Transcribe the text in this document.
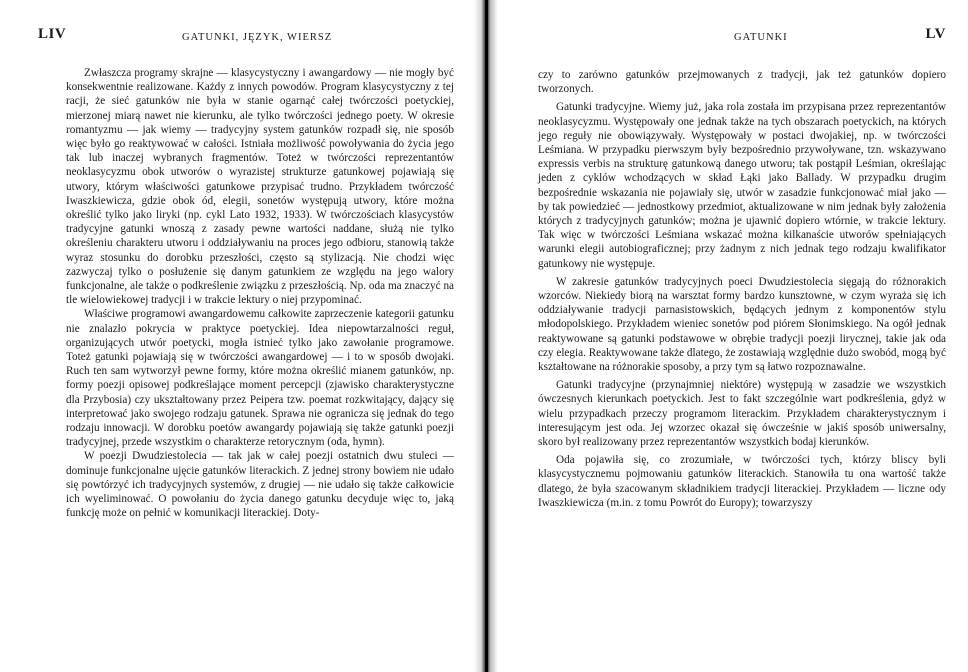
LIV	GATUNKI, JĘZYK, WIERSZ

Zwłaszcza programy skrajne — klasycystyczny i awangardowy — nie mogły być konsekwentnie realizowane. Każdy z innych powodów. Program klasycystyczny z tej racji, że sieć gatunków nie była w stanie ogarnąć całej twórczości poetyckiej, mierzonej miarą nawet nie kierunku, ale tylko twórczości jednego poety. W okresie romantyzmu — jak wiemy — tradycyjny system gatunków rozpadł się, nie sposób więc było go reaktywować w całości. Istniała możliwość powoływania do życia jego tak lub inaczej wybranych fragmentów. Toteż w twórczości reprezentantów neoklasycyzmu obok utworów o wyrazistej strukturze gatunkowej pojawiają się utwory, którym właściwości gatunkowe przypisać trudno. Przykładem twórczość Iwaszkiewicza, gdzie obok ód, elegii, sonetów występują utwory, które można określić tylko jako liryki (np. cykl Lato 1932, 1933). W twórczościach klasycystów tradycyjne gatunki wnoszą z zasady pewne wartości naddane, służą nie tylko określeniu charakteru utworu i oddziaływaniu na proces jego odbioru, stanowią także wyraz stosunku do dorobku przeszłości, często są stylizacją. Nie chodzi więc zazwyczaj tylko o posłużenie się danym gatunkiem ze względu na jego walory funkcjonalne, ale także o podkreślenie związku z przeszłością. Np. oda ma znaczyć na tle wielowiekowej tradycji i w trakcie lektury o niej przypominać.

Właściwe programowi awangardowemu całkowite zaprzeczenie kategorii gatunku nie znalazło pokrycia w praktyce poetyckiej. Idea niepowtarzalności reguł, organizujących utwór poetycki, mogła istnieć tylko jako zawołanie programowe. Toteż gatunki pojawiają się w twórczości awangardowej — i to w sposób dwojaki. Ruch ten sam wytworzył pewne formy, które można określić mianem gatunków, np. formy poezji opisowej podkreślające moment percepcji (zjawisko charakterystyczne dla Przybosia) czy ukształtowany przez Peipera tzw. poemat rozkwitający, dający się interpretować jako swojego rodzaju gatunek. Sprawa nie ogranicza się jednak do tego rodzaju innowacji. W dorobku poetów awangardy pojawiają się także gatunki poezji tradycyjnej, przede wszystkim o charakterze retorycznym (oda, hymn).

W poezji Dwudziestolecia — tak jak w całej poezji ostatnich dwu stuleci — dominuje funkcjonalne ujęcie gatunków literackich. Z jednej strony bowiem nie udało się powtórzyć ich tradycyjnych systemów, z drugiej — nie udało się także całkowicie ich wyeliminować. O powołaniu do życia danego gatunku decyduje więc to, jaką funkcję może on pełnić w komunikacji literackiej. Doty-

GATUNKI	LV

czy to zarówno gatunków przejmowanych z tradycji, jak też gatunków dopiero tworzonych.

Gatunki tradycyjne. Wiemy już, jaka rola została im przypisana przez reprezentantów neoklasycyzmu. Występowały one jednak także na tych obszarach poetyckich, na których jego reguły nie obowiązywały. Występowały w postaci dwojakiej, np. w twórczości Leśmiana. W przypadku pierwszym były bezpośrednio przywoływane, tzn. wskazywano expressis verbis na strukturę gatunkową danego utworu; tak postąpił Leśmian, określając jeden z cyklów wchodzących w skład Łąki jako Ballady. W przypadku drugim bezpośrednie wskazania nie pojawiały się, utwór w zasadzie funkcjonować miał jako — by tak powiedzieć — jednostkowy przedmiot, aktualizowane w nim jednak były założenia których z tradycyjnych gatunków; można je ujawnić dopiero wtórnie, w trakcie lektury. Tak więc w twórczości Leśmiana wskazać można kilkanaście utworów spełniających warunki elegii autobiograficznej; przy żadnym z nich jednak tego rodzaju kwalifikator gatunkowy nie występuje.

W zakresie gatunków tradycyjnych poeci Dwudziestolecia sięgają do różnorakich wzorców. Niekiedy biorą na warsztat formy bardzo kunsztowne, w czym wyraża się ich oddziaływanie tradycji parnasistowskich, będących jednym z komponentów stylu młodopolskiego. Przykładem wieniec sonetów pod piórem Słonimskiego. Na ogół jednak reaktywowane są gatunki podstawowe w obrębie tradycji poezji lirycznej, takie jak oda czy elegia. Reaktywowane także dlatego, że zostawiają względnie dużo swobód, mogą być kształtowane na różnorakie sposoby, a przy tym są łatwo rozpoznawalne.

Gatunki tradycyjne (przynajmniej niektóre) występują w zasadzie we wszystkich ówczesnych kierunkach poetyckich. Jest to fakt szczególnie wart podkreślenia, gdyż w wielu przypadkach przeczy programom literackim. Przykładem charakterystycznym i interesującym jest oda. Jej wzorzec okazał się ówcześnie w jakiś sposób uniwersalny, skoro był realizowany przez reprezentantów wszystkich bodaj kierunków.

Oda pojawiła się, co zrozumiałe, w twórczości tych, którzy bliscy byli klasycystycznemu pojmowaniu gatunków literackich. Stanowiła tu ona wartość także dlatego, że była szacowanym składnikiem tradycji literackiej. Przykładem — liczne ody Iwaszkiewicza (m.in. z tomu Powrót do Europy); towarzyszy
